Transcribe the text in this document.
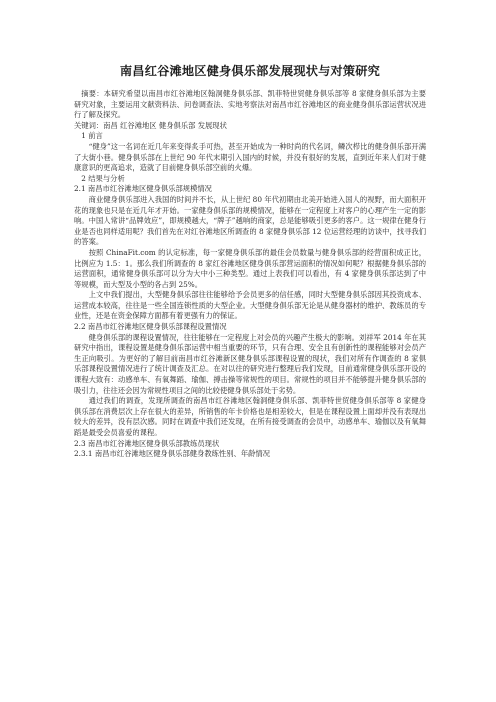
南昌红谷滩地区健身俱乐部发展现状与对策研究

摘要：本研究希望以南昌市红谷滩地区翰洞健身俱乐部、凯菲特世贸健身俱乐部等 8 家健身俱乐部为主要研究对象，主要运用文献资料法、问卷调查法、实地考察法对南昌市红谷滩地区的商业健身俱乐部运营状况进行了解及探究。

关键词：南昌 红谷滩地区 健身俱乐部 发展现状

1 前言

“健身”这一名词在近几年来变得炙手可热，甚至开始成为一种时尚的代名词，鳞次栉比的健身俱乐部开满了大街小巷。健身俱乐部在上世纪 90 年代末期引入国内的时候，并没有很好的发展，直到近年来人们对于健康意识的更高追求，造就了目前健身俱乐部空前的火爆。

2 结果与分析
2.1 南昌市红谷滩地区健身俱乐部规模情况

商业健身俱乐部进入我国的时间并不长，从上世纪 80 年代初期由北美开始进入国人的视野，而大面积开花的现象也只是在近几年才开始。一家健身俱乐部的规模情况，能够在一定程度上对客户的心理产生一定的影响。中国人常讲“品牌效应”，即规模越大，“牌子”越响的商家，总是能够吸引更多的客户。这一规律在健身行业是否也同样适用呢？我们首先在对红谷滩地区所调查的 8 家健身俱乐部 12 位运营经理的访谈中，找寻我们的答案。

按照 ChinaFit.com 的认定标准，每一家健身俱乐部的最佳会员数量与健身俱乐部的经营面积成正比，比例应为 1.5：1。那么我们所调查的 8 家红谷滩地区健身俱乐部营运面积的情况如何呢？根据健身俱乐部的运营面积，通常健身俱乐部可以分为大中小三种类型。通过上表我们可以看出，有 4 家健身俱乐部达到了中等规模，而大型及小型的各占到 25%。

上文中我们提出，大型健身俱乐部往往能够给予会员更多的信任感，同时大型健身俱乐部因其投资成本、运营成本较高，往往是一些全国连锁性质的大型企业。大型健身俱乐部无论是从健身器材的维护、教练员的专业性，还是在资金保障方面都有着更强有力的保证。

2.2 南昌市红谷滩地区健身俱乐部课程设置情况

健身俱乐部的课程设置情况，往往能够在一定程度上对会员的兴趣产生极大的影响。刘祥军 2014 年在其研究中指出，课程设置是健身俱乐部运营中相当重要的环节，只有合理、安全且有创新性的课程能够对会员产生正向吸引。为更好的了解目前南昌市红谷滩新区健身俱乐部课程设置的现状，我们对所有作调查的 8 家俱乐部课程设置情况进行了统计调查及汇总。在对以往的研究进行整理后我们发现，目前通常健身俱乐部开设的课程大致有：动感单车、有氧舞蹈、瑜伽、搏击操等常规性的项目。常规性的项目并不能够提升健身俱乐部的吸引力，往往还会因为常规性项目之间的比较使健身俱乐部处于劣势。

通过我们的调查，发现所调查的南昌市红谷滩地区翰洞健身俱乐部、凯菲特世贸健身俱乐部等 8 家健身俱乐部在消费层次上存在很大的差异，所销售的年卡价格也是相差较大，但是在课程设置上面却并没有表现出较大的差异，没有层次感。同时在调查中我们还发现，在所有接受调查的会员中，动感单车、瑜伽以及有氧舞蹈是最受会员喜爱的课程。

2.3 南昌市红谷滩地区健身俱乐部教练员现状
2.3.1 南昌市红谷滩地区健身俱乐部健身教练性别、年龄情况
